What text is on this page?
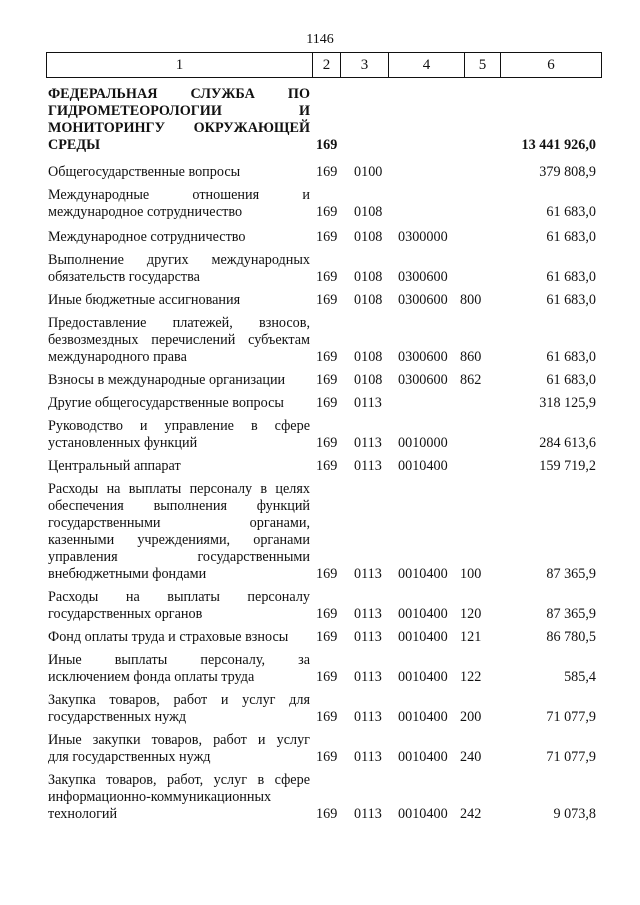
1146
1	2	3	4	5	6
ФЕДЕРАЛЬНАЯ СЛУЖБА ПО
ГИДРОМЕТЕОРОЛОГИИ И
МОНИТОРИНГУ ОКРУЖАЮЩЕЙ
СРЕДЫ	169	13 441 926,0
Общегосударственные вопросы	169 0100	379 808,9
Международные отношения и
международное сотрудничество	169 0108	61 683,0
Международное сотрудничество	169 0108 0300000	61 683,0
Выполнение других международных
обязательств государства	169 0108 0300600	61 683,0
Иные бюджетные ассигнования	169 0108 0300600 800	61 683,0
Предоставление платежей, взносов,
безвозмездных перечислений субъектам
международного права	169 0108 0300600 860	61 683,0
Взносы в международные организации	169 0108 0300600 862	61 683,0
Другие общегосударственные вопросы	169 0113	318 125,9
Руководство и управление в сфере
установленных функций	169 0113 0010000	284 613,6
Центральный аппарат	169 0113 0010400	159 719,2
Расходы на выплаты персоналу в целях
обеспечения выполнения функций
государственными органами,
казенными учреждениями, органами
управления государственными
внебюджетными фондами	169 0113 0010400 100	87 365,9
Расходы на выплаты персоналу
государственных органов	169 0113 0010400 120	87 365,9
Фонд оплаты труда и страховые взносы	169 0113 0010400 121	86 780,5
Иные выплаты персоналу, за
исключением фонда оплаты труда	169 0113 0010400 122	585,4
Закупка товаров, работ и услуг для
государственных нужд	169 0113 0010400 200	71 077,9
Иные закупки товаров, работ и услуг
для государственных нужд	169 0113 0010400 240	71 077,9
Закупка товаров, работ, услуг в сфере
информационно-коммуникационных
технологий	169 0113 0010400 242	9 073,8
